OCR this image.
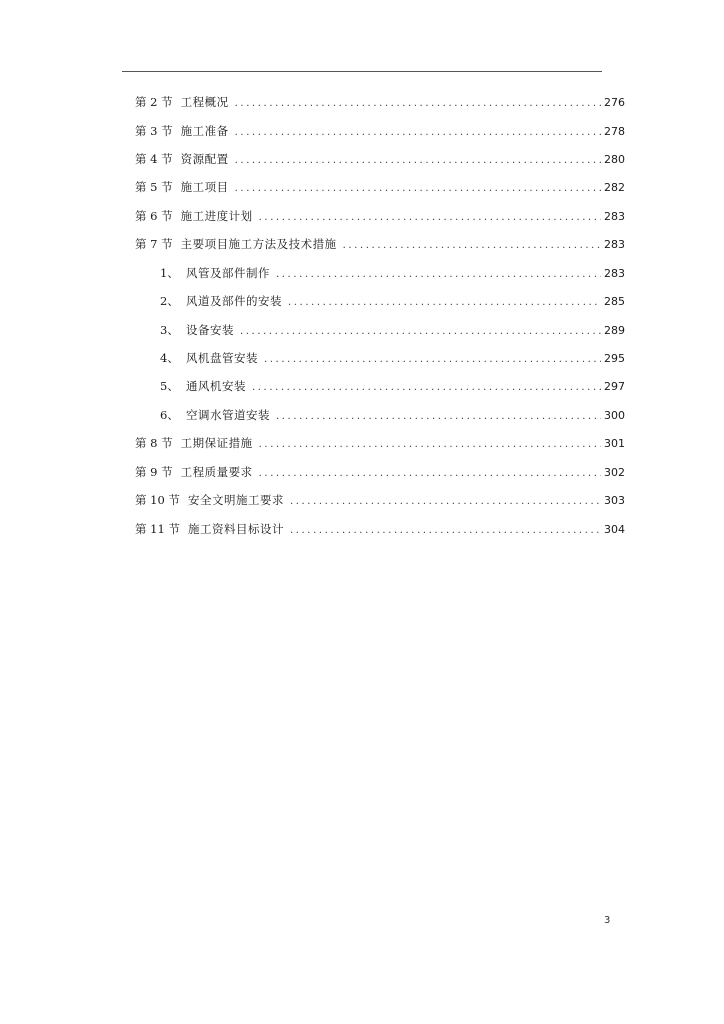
第 2 节 工程概况 .....	276
第 3 节 施工准备 .....	278
第 4 节 资源配置 .....	280
第 5 节 施工项目 .....	282
第 6 节 施工进度计划 .....	283
第 7 节 主要项目施工方法及技术措施 .....	283
1、 风管及部件制作 .....	283
2、 风道及部件的安装 .....	285
3、 设备安装 .....	289
4、 风机盘管安装 .....	295
5、 通风机安装 .....	297
6、 空调水管道安装 .....	300
第 8 节 工期保证措施 .....	301
第 9 节 工程质量要求 .....	302
第 10 节 安全文明施工要求 .....	303
第 11 节 施工资料目标设计 .....	304
3
